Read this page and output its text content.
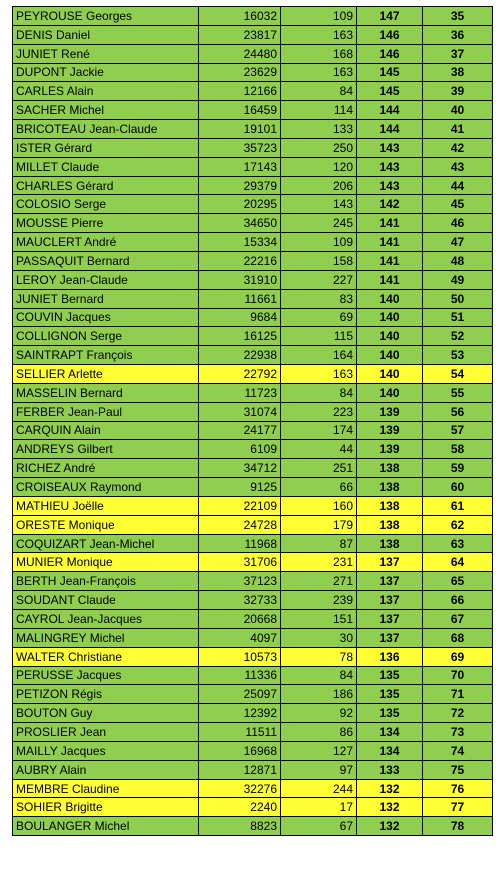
PEYROUSE Georges	16032	109	147	35
DENIS Daniel	23817	163	146	36
JUNIET René	24480	168	146	37
DUPONT Jackie	23629	163	145	38
CARLES Alain	12166	84	145	39
SACHER Michel	16459	114	144	40
BRICOTEAU Jean-Claude	19101	133	144	41
ISTER Gérard	35723	250	143	42
MILLET Claude	17143	120	143	43
CHARLES Gérard	29379	206	143	44
COLOSIO Serge	20295	143	142	45
MOUSSE Pierre	34650	245	141	46
MAUCLERT André	15334	109	141	47
PASSAQUIT Bernard	22216	158	141	48
LEROY Jean-Claude	31910	227	141	49
JUNIET Bernard	11661	83	140	50
COUVIN Jacques	9684	69	140	51
COLLIGNON Serge	16125	115	140	52
SAINTRAPT François	22938	164	140	53
SELLIER Arlette	22792	163	140	54
MASSELIN Bernard	11723	84	140	55
FERBER Jean-Paul	31074	223	139	56
CARQUIN Alain	24177	174	139	57
ANDREYS Gilbert	6109	44	139	58
RICHEZ André	34712	251	138	59
CROISEAUX Raymond	9125	66	138	60
MATHIEU Joëlle	22109	160	138	61
ORESTE Monique	24728	179	138	62
COQUIZART Jean-Michel	11968	87	138	63
MUNIER Monique	31706	231	137	64
BERTH Jean-François	37123	271	137	65
SOUDANT Claude	32733	239	137	66
CAYROL Jean-Jacques	20668	151	137	67
MALINGREY Michel	4097	30	137	68
WALTER Christiane	10573	78	136	69
PERUSSE Jacques	11336	84	135	70
PETIZON Régis	25097	186	135	71
BOUTON Guy	12392	92	135	72
PROSLIER Jean	11511	86	134	73
MAILLY Jacques	16968	127	134	74
AUBRY Alain	12871	97	133	75
MEMBRE Claudine	32276	244	132	76
SOHIER Brigitte	2240	17	132	77
BOULANGER Michel	8823	67	132	78
